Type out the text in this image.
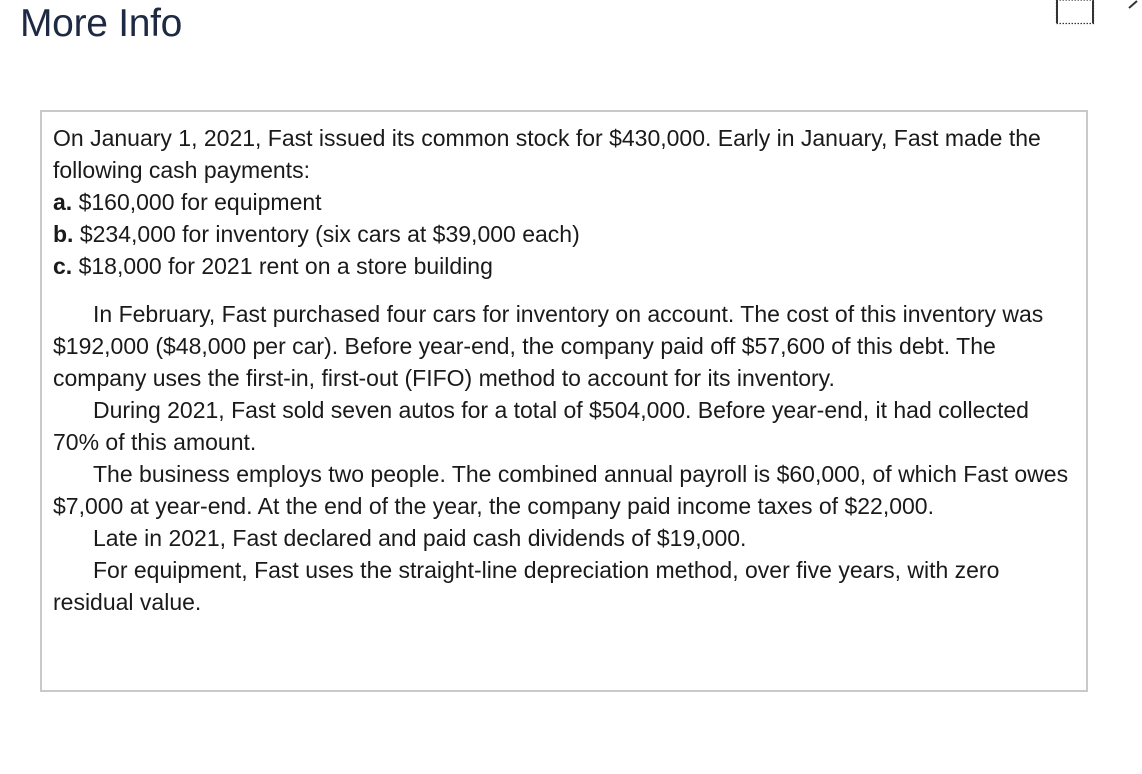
More Info

On January 1, 2021, Fast issued its common stock for $430,000. Early in January, Fast made the following cash payments:

a. $160,000 for equipment

b. $234,000 for inventory (six cars at $39,000 each)

c. $18,000 for 2021 rent on a store building

In February, Fast purchased four cars for inventory on account. The cost of this inventory was $192,000 ($48,000 per car). Before year-end, the company paid off $57,600 of this debt. The company uses the first-in, first-out (FIFO) method to account for its inventory.

During 2021, Fast sold seven autos for a total of $504,000. Before year-end, it had collected 70% of this amount.

The business employs two people. The combined annual payroll is $60,000, of which Fast owes $7,000 at year-end. At the end of the year, the company paid income taxes of $22,000.

Late in 2021, Fast declared and paid cash dividends of $19,000.

For equipment, Fast uses the straight-line depreciation method, over five years, with zero residual value.
